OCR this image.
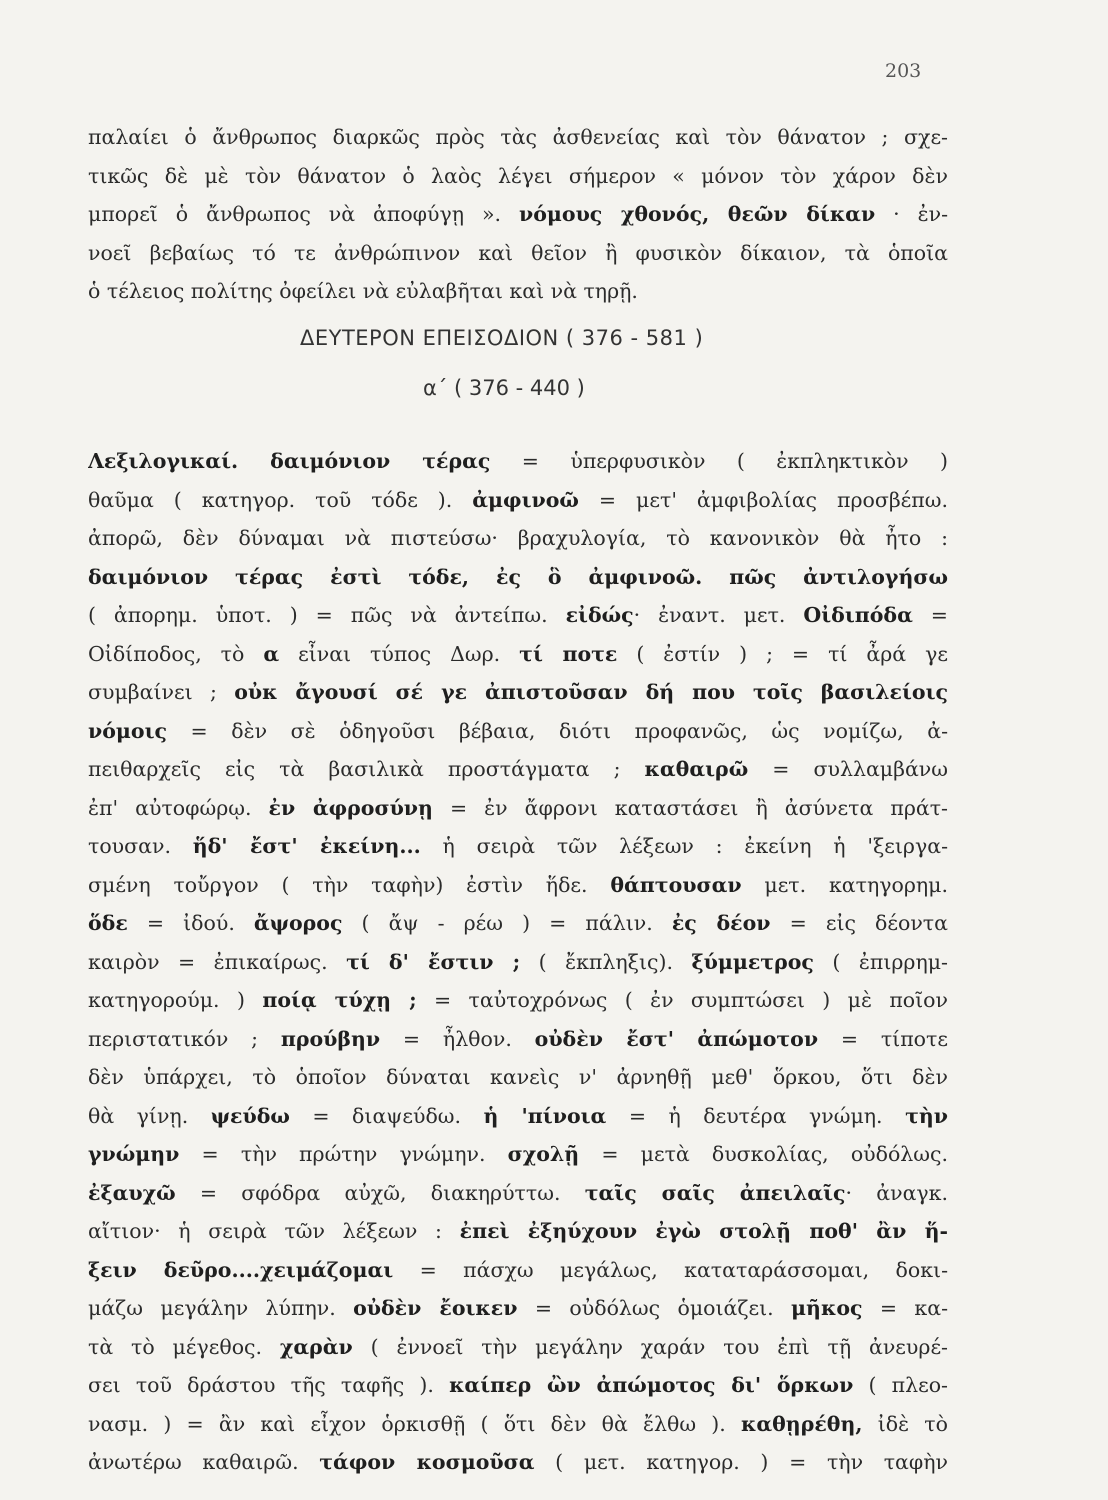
203
παλαίει ὁ ἄνθρωπος διαρκῶς πρὸς τὰς ἀσθενείας καὶ τὸν θάνατον ; σχε-
τικῶς δὲ μὲ τὸν θάνατον ὁ λαὸς λέγει σήμερον « μόνον τὸν χάρον δὲν
μπορεῖ ὁ ἄνθρωπος νὰ ἀποφύγῃ ». νόμους χθονός, θεῶν δίκαν · ἐν-
νοεῖ βεβαίως τό τε ἀνθρώπινον καὶ θεῖον ἢ φυσικὸν δίκαιον, τὰ ὁποῖα
ὁ τέλειος πολίτης ὀφείλει νὰ εὐλαβῆται καὶ νὰ τηρῇ.
ΔΕΥΤΕΡΟΝ ΕΠΕΙΣΟΔΙΟΝ ( 376 - 581 )
α΄ ( 376 - 440 )
Λεξιλογικαί. δαιμόνιον τέρας = ὑπερφυσικὸν ( ἐκπληκτικὸν )
θαῦμα ( κατηγορ. τοῦ τόδε ). ἀμφινοῶ = μετ' ἀμφιβολίας προσβέπω.
ἀπορῶ, δὲν δύναμαι νὰ πιστεύσω· βραχυλογία, τὸ κανονικὸν θὰ ἦτο :
δαιμόνιον τέρας ἐστὶ τόδε, ἐς ὃ ἀμφινοῶ. πῶς ἀντιλογήσω
( ἀπορημ. ὑποτ. ) = πῶς νὰ ἀντείπω. εἰδώς· ἐναντ. μετ. Οἰδιπόδα =
Οἰδίποδος, τὸ α εἶναι τύπος Δωρ. τί ποτε ( ἐστίν ) ; = τί ἆρά γε
συμβαίνει ; οὐκ ἄγουσί σέ γε ἀπιστοῦσαν δή που τοῖς βασιλείοις
νόμοις = δὲν σὲ ὁδηγοῦσι βέβαια, διότι προφανῶς, ὡς νομίζω, ἀ-
πειθαρχεῖς εἰς τὰ βασιλικὰ προστάγματα ; καθαιρῶ = συλλαμβάνω
ἐπ' αὐτοφώρῳ. ἐν ἀφροσύνῃ = ἐν ἄφρονι καταστάσει ἢ ἀσύνετα πράτ-
τουσαν. ἥδ' ἔστ' ἐκείνη... ἡ σειρὰ τῶν λέξεων : ἐκείνη ἡ 'ξειργα-
σμένη τοὔργον ( τὴν ταφὴν) ἐστὶν ἥδε. θάπτουσαν μετ. κατηγορημ.
ὅδε = ἰδού. ἄψορος ( ἄψ - ρέω ) = πάλιν. ἐς δέον = εἰς δέοντα
καιρὸν = ἐπικαίρως. τί δ' ἔστιν ; ( ἔκπληξις). ξύμμετρος ( ἐπιρρημ-
κατηγορούμ. ) ποίᾳ τύχῃ ; = ταὐτοχρόνως ( ἐν συμπτώσει ) μὲ ποῖον
περιστατικόν ; προύβην = ἦλθον. οὐδὲν ἔστ' ἀπώμοτον = τίποτε
δὲν ὑπάρχει, τὸ ὁποῖον δύναται κανεὶς ν' ἀρνηθῇ μεθ' ὅρκου, ὅτι δὲν
θὰ γίνῃ. ψεύδω = διαψεύδω. ἡ 'πίνοια = ἡ δευτέρα γνώμη. τὴν
γνώμην = τὴν πρώτην γνώμην. σχολῇ = μετὰ δυσκολίας, οὐδόλως.
ἐξαυχῶ = σφόδρα αὐχῶ, διακηρύττω. ταῖς σαῖς ἀπειλαῖς· ἀναγκ.
αἴτιον· ἡ σειρὰ τῶν λέξεων : ἐπεὶ ἐξηύχουν ἐγὼ στολῇ ποθ' ἂν ἥ-
ξειν δεῦρο....χειμάζομαι = πάσχω μεγάλως, καταταράσσομαι, δοκι-
μάζω μεγάλην λύπην. οὐδὲν ἔοικεν = οὐδόλως ὁμοιάζει. μῆκος = κα-
τὰ τὸ μέγεθος. χαρὰν ( ἐννοεῖ τὴν μεγάλην χαράν του ἐπὶ τῇ ἀνευρέ-
σει τοῦ δράστου τῆς ταφῆς ). καίπερ ὢν ἀπώμοτος δι' ὅρκων ( πλεο-
νασμ. ) = ἂν καὶ εἶχον ὁρκισθῇ ( ὅτι δὲν θὰ ἔλθω ). καθῃρέθη, ἰδὲ τὸ
ἀνωτέρω καθαιρῶ. τάφον κοσμοῦσα ( μετ. κατηγορ. ) = τὴν ταφὴν
